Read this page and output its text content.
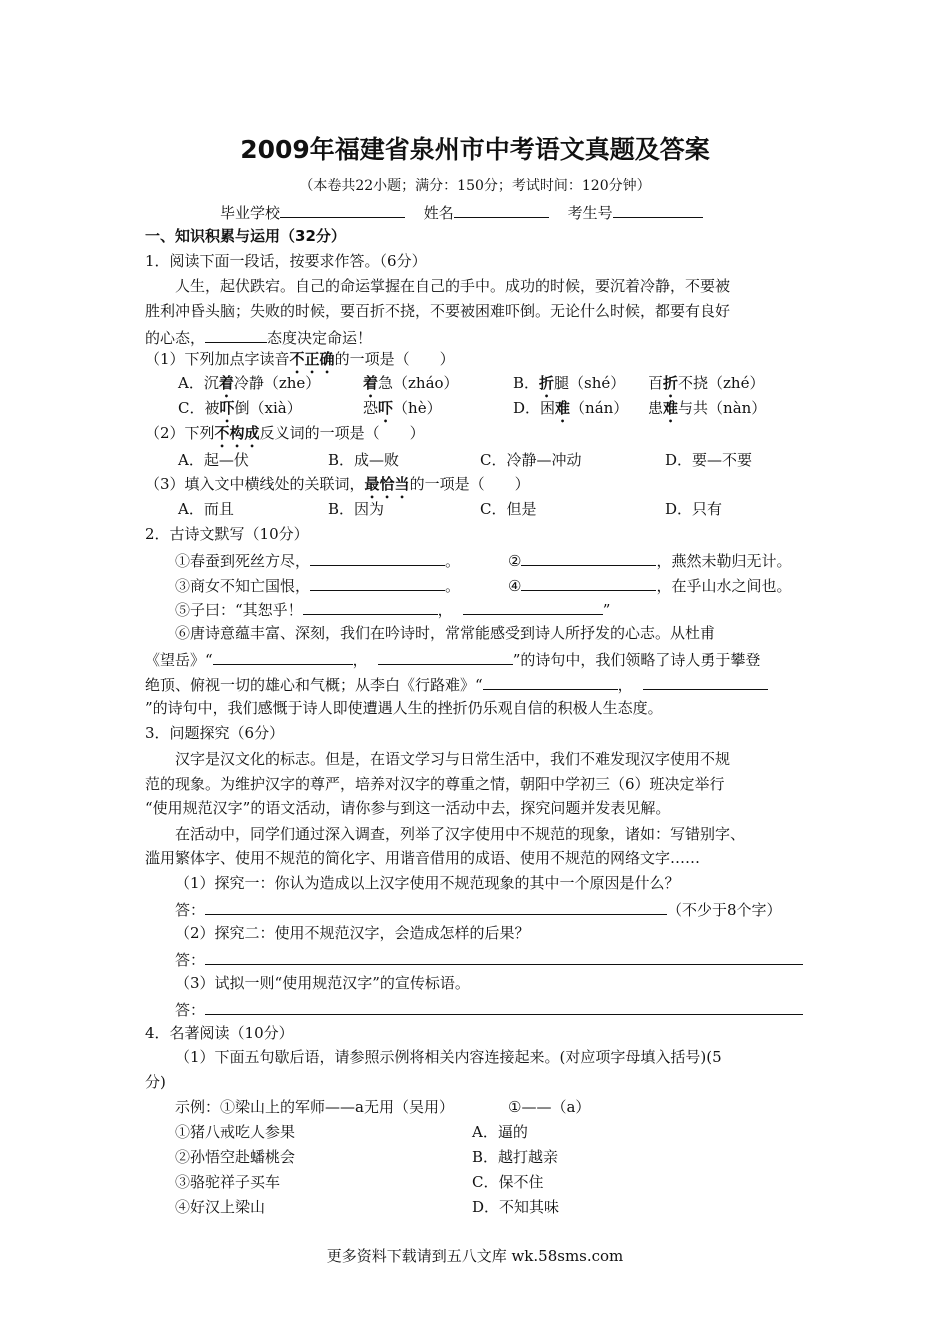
2009年福建省泉州市中考语文真题及答案
（本卷共22小题；满分：150分；考试时间：120分钟）
毕业学校	姓名	考生号
一、知识积累与运用（32分）
1．阅读下面一段话，按要求作答。（6分）
人生，起伏跌宕。自己的命运掌握在自己的手中。成功的时候，要沉着冷静，不要被
胜利冲昏头脑；失败的时候，要百折不挠，不要被困难吓倒。无论什么时候，都要有良好
的心态，	态度决定命运！
（1）下列加点字读音不正确的一项是（　　）
A．沉着冷静（zhe）	着急（zháo）	B．折腿（shé） 百折不挠（zhé）
C．被吓倒（xià）	恐吓（hè）	D．困难（nán） 患难与共（nàn）
（2）下列不构成反义词的一项是（　　）
A．起—伏	B．成—败	C．冷静—冲动	D．要—不要
（3）填入文中横线处的关联词，最恰当的一项是（　　）
A．而且	B．因为	C．但是	D．只有
2．古诗文默写（10分）
①春蚕到死丝方尽，	。	②	，燕然未勒归无计。
③商女不知亡国恨，	。	④	，在乎山水之间也。
⑤子曰：“其恕乎！	，	”
⑥唐诗意蕴丰富、深刻，我们在吟诗时，常常能感受到诗人所抒发的心志。从杜甫
《望岳》“	，	”的诗句中，我们领略了诗人勇于攀登
绝顶、俯视一切的雄心和气概；从李白《行路难》“	，
”的诗句中，我们感慨于诗人即使遭遇人生的挫折仍乐观自信的积极人生态度。
3．问题探究（6分）
汉字是汉文化的标志。但是，在语文学习与日常生活中，我们不难发现汉字使用不规
范的现象。为维护汉字的尊严，培养对汉字的尊重之情，朝阳中学初三（6）班决定举行
“使用规范汉字”的语文活动，请你参与到这一活动中去，探究问题并发表见解。
在活动中，同学们通过深入调查，列举了汉字使用中不规范的现象，诸如：写错别字、
滥用繁体字、使用不规范的简化字、用谐音借用的成语、使用不规范的网络文字……
（1）探究一：你认为造成以上汉字使用不规范现象的其中一个原因是什么？
答：	（不少于8个字）
（2）探究二：使用不规范汉字，会造成怎样的后果？
答：
（3）试拟一则“使用规范汉字”的宣传标语。
答：
4．名著阅读（10分）
（1）下面五句歇后语，请参照示例将相关内容连接起来。(对应项字母填入括号)(5
分)
示例：①梁山上的军师——a无用（吴用）	①——（a）
①猪八戒吃人参果	A．逼的
②孙悟空赴蟠桃会	B．越打越亲
③骆驼祥子买车	C．保不住
④好汉上梁山	D．不知其味
更多资料下载请到五八文库 wk.58sms.com
